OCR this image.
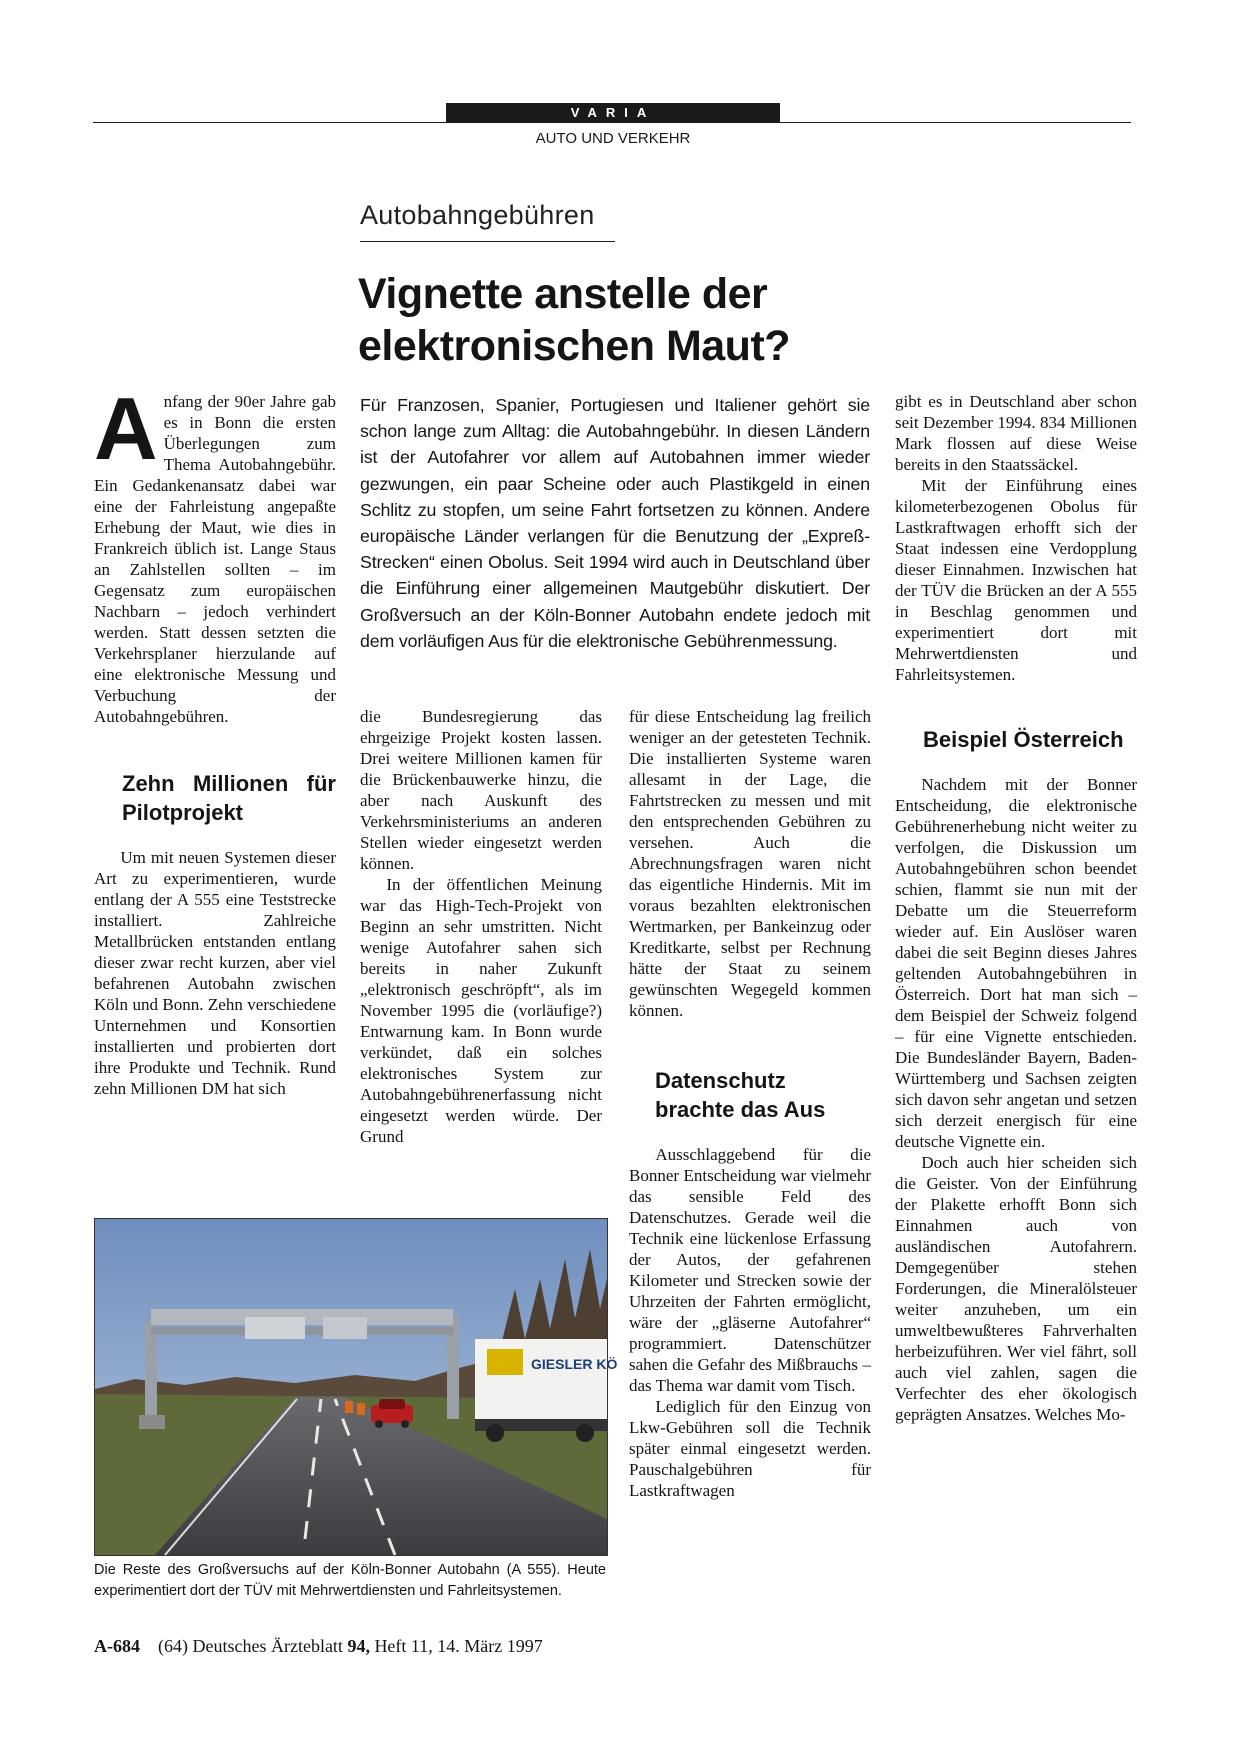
VARIA
AUTO UND VERKEHR
Autobahngebühren
Vignette anstelle der
elektronischen Maut?
Für Franzosen, Spanier, Portugiesen und Italiener gehört sie schon lange zum Alltag: die Autobahngebühr. In diesen Ländern ist der Autofahrer vor allem auf Autobahnen immer wieder gezwungen, ein paar Scheine oder auch Plastikgeld in einen Schlitz zu stopfen, um seine Fahrt fortsetzen zu können. Andere europäische Länder verlangen für die Benutzung der „Expreß-Strecken“ einen Obolus. Seit 1994 wird auch in Deutschland über die Einführung einer allgemeinen Mautgebühr diskutiert. Der Großversuch an der Köln-Bonner Autobahn endete jedoch mit dem vorläufigen Aus für die elektronische Gebührenmessung.

Anfang der 90er Jahre gab es in Bonn die ersten Überlegungen zum Thema Autobahngebühr. Ein Gedankenansatz dabei war eine der Fahrleistung angepaßte Erhebung der Maut, wie dies in Frankreich üblich ist. Lange Staus an Zahlstellen sollten – im Gegensatz zum europäischen Nachbarn – jedoch verhindert werden. Statt dessen setzten die Verkehrsplaner hierzulande auf eine elektronische Messung und Verbuchung der Autobahngebühren.

Zehn Millionen für Pilotprojekt

Um mit neuen Systemen dieser Art zu experimentieren, wurde entlang der A 555 eine Teststrecke installiert. Zahlreiche Metallbrücken entstanden entlang dieser zwar recht kurzen, aber viel befahrenen Autobahn zwischen Köln und Bonn. Zehn verschiedene Unternehmen und Konsortien installierten und probierten dort ihre Produkte und Technik. Rund zehn Millionen DM hat sich

die Bundesregierung das ehrgeizige Projekt kosten lassen. Drei weitere Millionen kamen für die Brückenbauwerke hinzu, die aber nach Auskunft des Verkehrsministeriums an anderen Stellen wieder eingesetzt werden können.

In der öffentlichen Meinung war das High-Tech-Projekt von Beginn an sehr umstritten. Nicht wenige Autofahrer sahen sich bereits in naher Zukunft „elektronisch geschröpft“, als im November 1995 die (vorläufige?) Entwarnung kam. In Bonn wurde verkündet, daß ein solches elektronisches System zur Autobahngebührenerfassung nicht eingesetzt werden würde. Der Grund

für diese Entscheidung lag freilich weniger an der getesteten Technik. Die installierten Systeme waren allesamt in der Lage, die Fahrtstrecken zu messen und mit den entsprechenden Gebühren zu versehen. Auch die Abrechnungsfragen waren nicht das eigentliche Hindernis. Mit im voraus bezahlten elektronischen Wertmarken, per Bankeinzug oder Kreditkarte, selbst per Rechnung hätte der Staat zu seinem gewünschten Wegegeld kommen können.

Datenschutz brachte das Aus

Ausschlaggebend für die Bonner Entscheidung war vielmehr das sensible Feld des Datenschutzes. Gerade weil die Technik eine lückenlose Erfassung der Autos, der gefahrenen Kilometer und Strecken sowie der Uhrzeiten der Fahrten ermöglicht, wäre der „gläserne Autofahrer“ programmiert. Datenschützer sahen die Gefahr des Mißbrauchs – das Thema war damit vom Tisch.

Lediglich für den Einzug von Lkw-Gebühren soll die Technik später einmal eingesetzt werden. Pauschalgebühren für Lastkraftwagen

gibt es in Deutschland aber schon seit Dezember 1994. 834 Millionen Mark flossen auf diese Weise bereits in den Staatssäckel.

Mit der Einführung eines kilometerbezogenen Obolus für Lastkraftwagen erhofft sich der Staat indessen eine Verdopplung dieser Einnahmen. Inzwischen hat der TÜV die Brücken an der A 555 in Beschlag genommen und experimentiert dort mit Mehrwertdiensten und Fahrleitsystemen.

Beispiel Österreich

Nachdem mit der Bonner Entscheidung, die elektronische Gebührenerhebung nicht weiter zu verfolgen, die Diskussion um Autobahngebühren schon beendet schien, flammt sie nun mit der Debatte um die Steuerreform wieder auf. Ein Auslöser waren dabei die seit Beginn dieses Jahres geltenden Autobahngebühren in Österreich. Dort hat man sich – dem Beispiel der Schweiz folgend – für eine Vignette entschieden. Die Bundesländer Bayern, Baden-Württemberg und Sachsen zeigten sich davon sehr angetan und setzen sich derzeit energisch für eine deutsche Vignette ein.

Doch auch hier scheiden sich die Geister. Von der Einführung der Plakette erhofft Bonn sich Einnahmen auch von ausländischen Autofahrern. Demgegenüber stehen Forderungen, die Mineralölsteuer weiter anzuheben, um ein umweltbewußteres Fahrverhalten herbeizuführen. Wer viel fährt, soll auch viel zahlen, sagen die Verfechter des eher ökologisch geprägten Ansatzes. Welches Mo-

GIESLER KÖ
Die Reste des Großversuchs auf der Köln-Bonner Autobahn (A 555). Heute experimentiert dort der TÜV mit Mehrwertdiensten und Fahrleitsystemen.
A-684 (64) Deutsches Ärzteblatt 94, Heft 11, 14. März 1997
